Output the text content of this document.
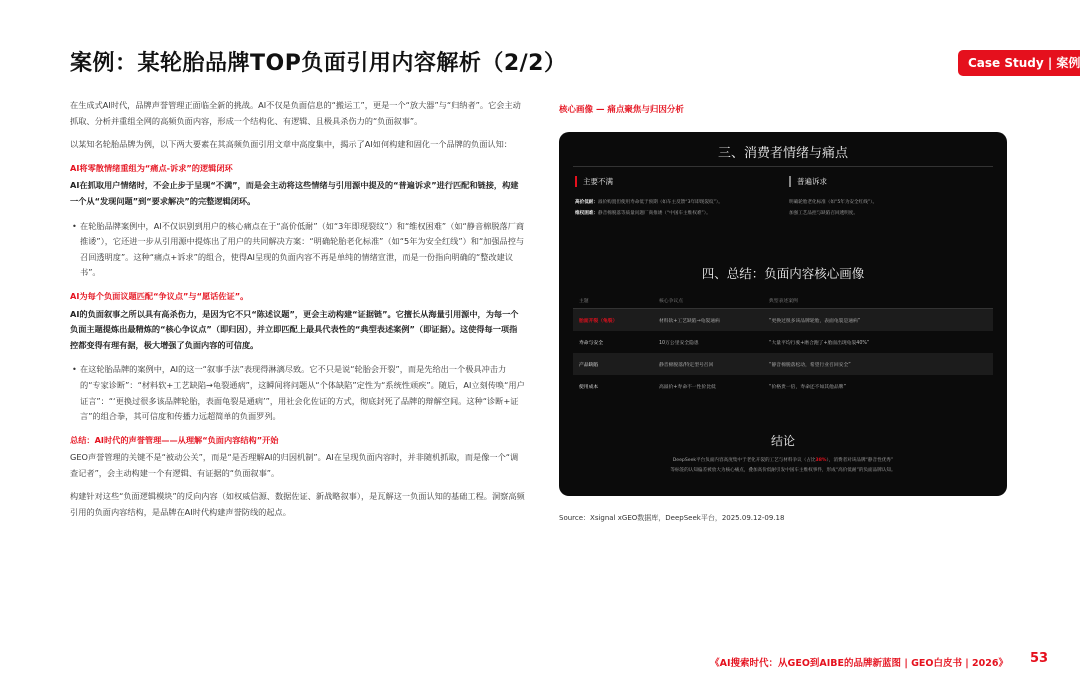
案例：某轮胎品牌TOP负面引用内容解析（2/2）	Case Study | 案例

在生成式AI时代，品牌声誉管理正面临全新的挑战。AI不仅是负面信息的“搬运工”，更是一个“放大器”与“归纳者”。它会主动抓取、分析并重组全网的高频负面内容，形成一个结构化、有逻辑、且极具杀伤力的“负面叙事”。

以某知名轮胎品牌为例，以下两大要素在其高频负面引用文章中高度集中，揭示了AI如何构建和固化一个品牌的负面认知：

AI将零散情绪重组为“痛点-诉求”的逻辑闭环

AI在抓取用户情绪时，不会止步于呈现“不满”，而是会主动将这些情绪与引用源中提及的“普遍诉求”进行匹配和链接，构建一个从“发现问题”到“要求解决”的完整逻辑闭环。

• 在轮胎品牌案例中，AI不仅识别到用户的核心痛点在于“高价低耐”（如“3年即现裂纹”）和“维权困难”（如“静音棉脱落厂商推诿”），它还进一步从引用源中提炼出了用户的共同解决方案：“明确轮胎老化标准”（如“5年为安全红线”）和“加强品控与召回透明度”。这种“痛点+诉求”的组合，使得AI呈现的负面内容不再是单纯的情绪宣泄，而是一份指向明确的“整改建议书”。

AI为每个负面议题匹配“争议点”与“愿话佐证”。

AI的负面叙事之所以具有高杀伤力，是因为它不只“陈述议题”，更会主动构建“证据链”。它擅长从海量引用源中，为每一个负面主题提炼出最精炼的“核心争议点”（即归因），并立即匹配上最具代表性的“典型表述案例”（即证据）。这使得每一项指控都变得有理有据，极大增强了负面内容的可信度。

• 在这轮胎品牌的案例中，AI的这一“叙事手法”表现得淋漓尽致。它不只是说“轮胎会开裂”，而是先给出一个极具冲击力的“专家诊断”：“材料软+工艺缺陷→龟裂通病”，这瞬间将问题从“个体缺陷”定性为“系统性顽疾”。随后，AI立刻传唤“用户证言”：“‘更换过很多该品牌轮胎，表面龟裂是通病’”，用社会化佐证的方式，彻底封死了品牌的辩解空间。这种“诊断+证言”的组合拳，其可信度和传播力远超简单的负面罗列。

总结：AI时代的声誉管理——从理解“负面内容结构”开始

GEO声誉管理的关键不是“被动公关”，而是“是否理解AI的归因机制”。AI在呈现负面内容时，并非随机抓取，而是像一个“调查记者”，会主动构建一个有逻辑、有证据的“负面叙事”。

构建针对这些“负面逻辑模块”的反向内容（如权威信源、数据佐证、新战略叙事），是瓦解这一负面认知的基础工程。洞察高频引用的负面内容结构，是品牌在AI时代构建声誉防线的起点。

核心画像 — 痛点聚焦与归因分析
三、消费者情绪与痛点
主要不满
高价低耐：溢价购置但使用寿命低于预期（如车主反馈“3年即现裂纹”）。
维权困难：静音棉脱落等质量问题厂商推诿（“中国车主维权难”）。
普遍诉求
明确轮胎老化标准（如“5年为安全红线”）。
加强工艺品控与缺陷召回透明度。
四、总结：负面内容核心画像
主题	核心争议点	典型表述案例
胎面开裂（龟裂）	材料软+工艺缺陷→龟裂通病	“更换过很多该品牌轮胎，表面龟裂是通病”
寿命与安全	10万公里安全隐患	“大量平均行驶+磨合跑了+胎面出现龟裂40%”
产品缺陷	静音棉脱落/特定型号召回	“静音棉脱落松动，希望行业召回安全”
使用成本	高溢价+寿命不一性价比低	“价格贵一倍，寿命还不如其他品牌”
结论
DeepSeek平台负面内容高度集中于老化开裂的工艺与材料争议（占比38%），消费者对该品牌“静音性优秀”
等标签的认知偏差被放大为核心痛点，叠加高价低耐引发中国车主维权事件，形成“高价低耐”的负面品牌认知。
Source：Xsignal xGEO数据库，DeepSeek平台，2025.09.12-09.18
《AI搜索时代：从GEO到AIBE的品牌新蓝图 | GEO白皮书 | 2026》 53
